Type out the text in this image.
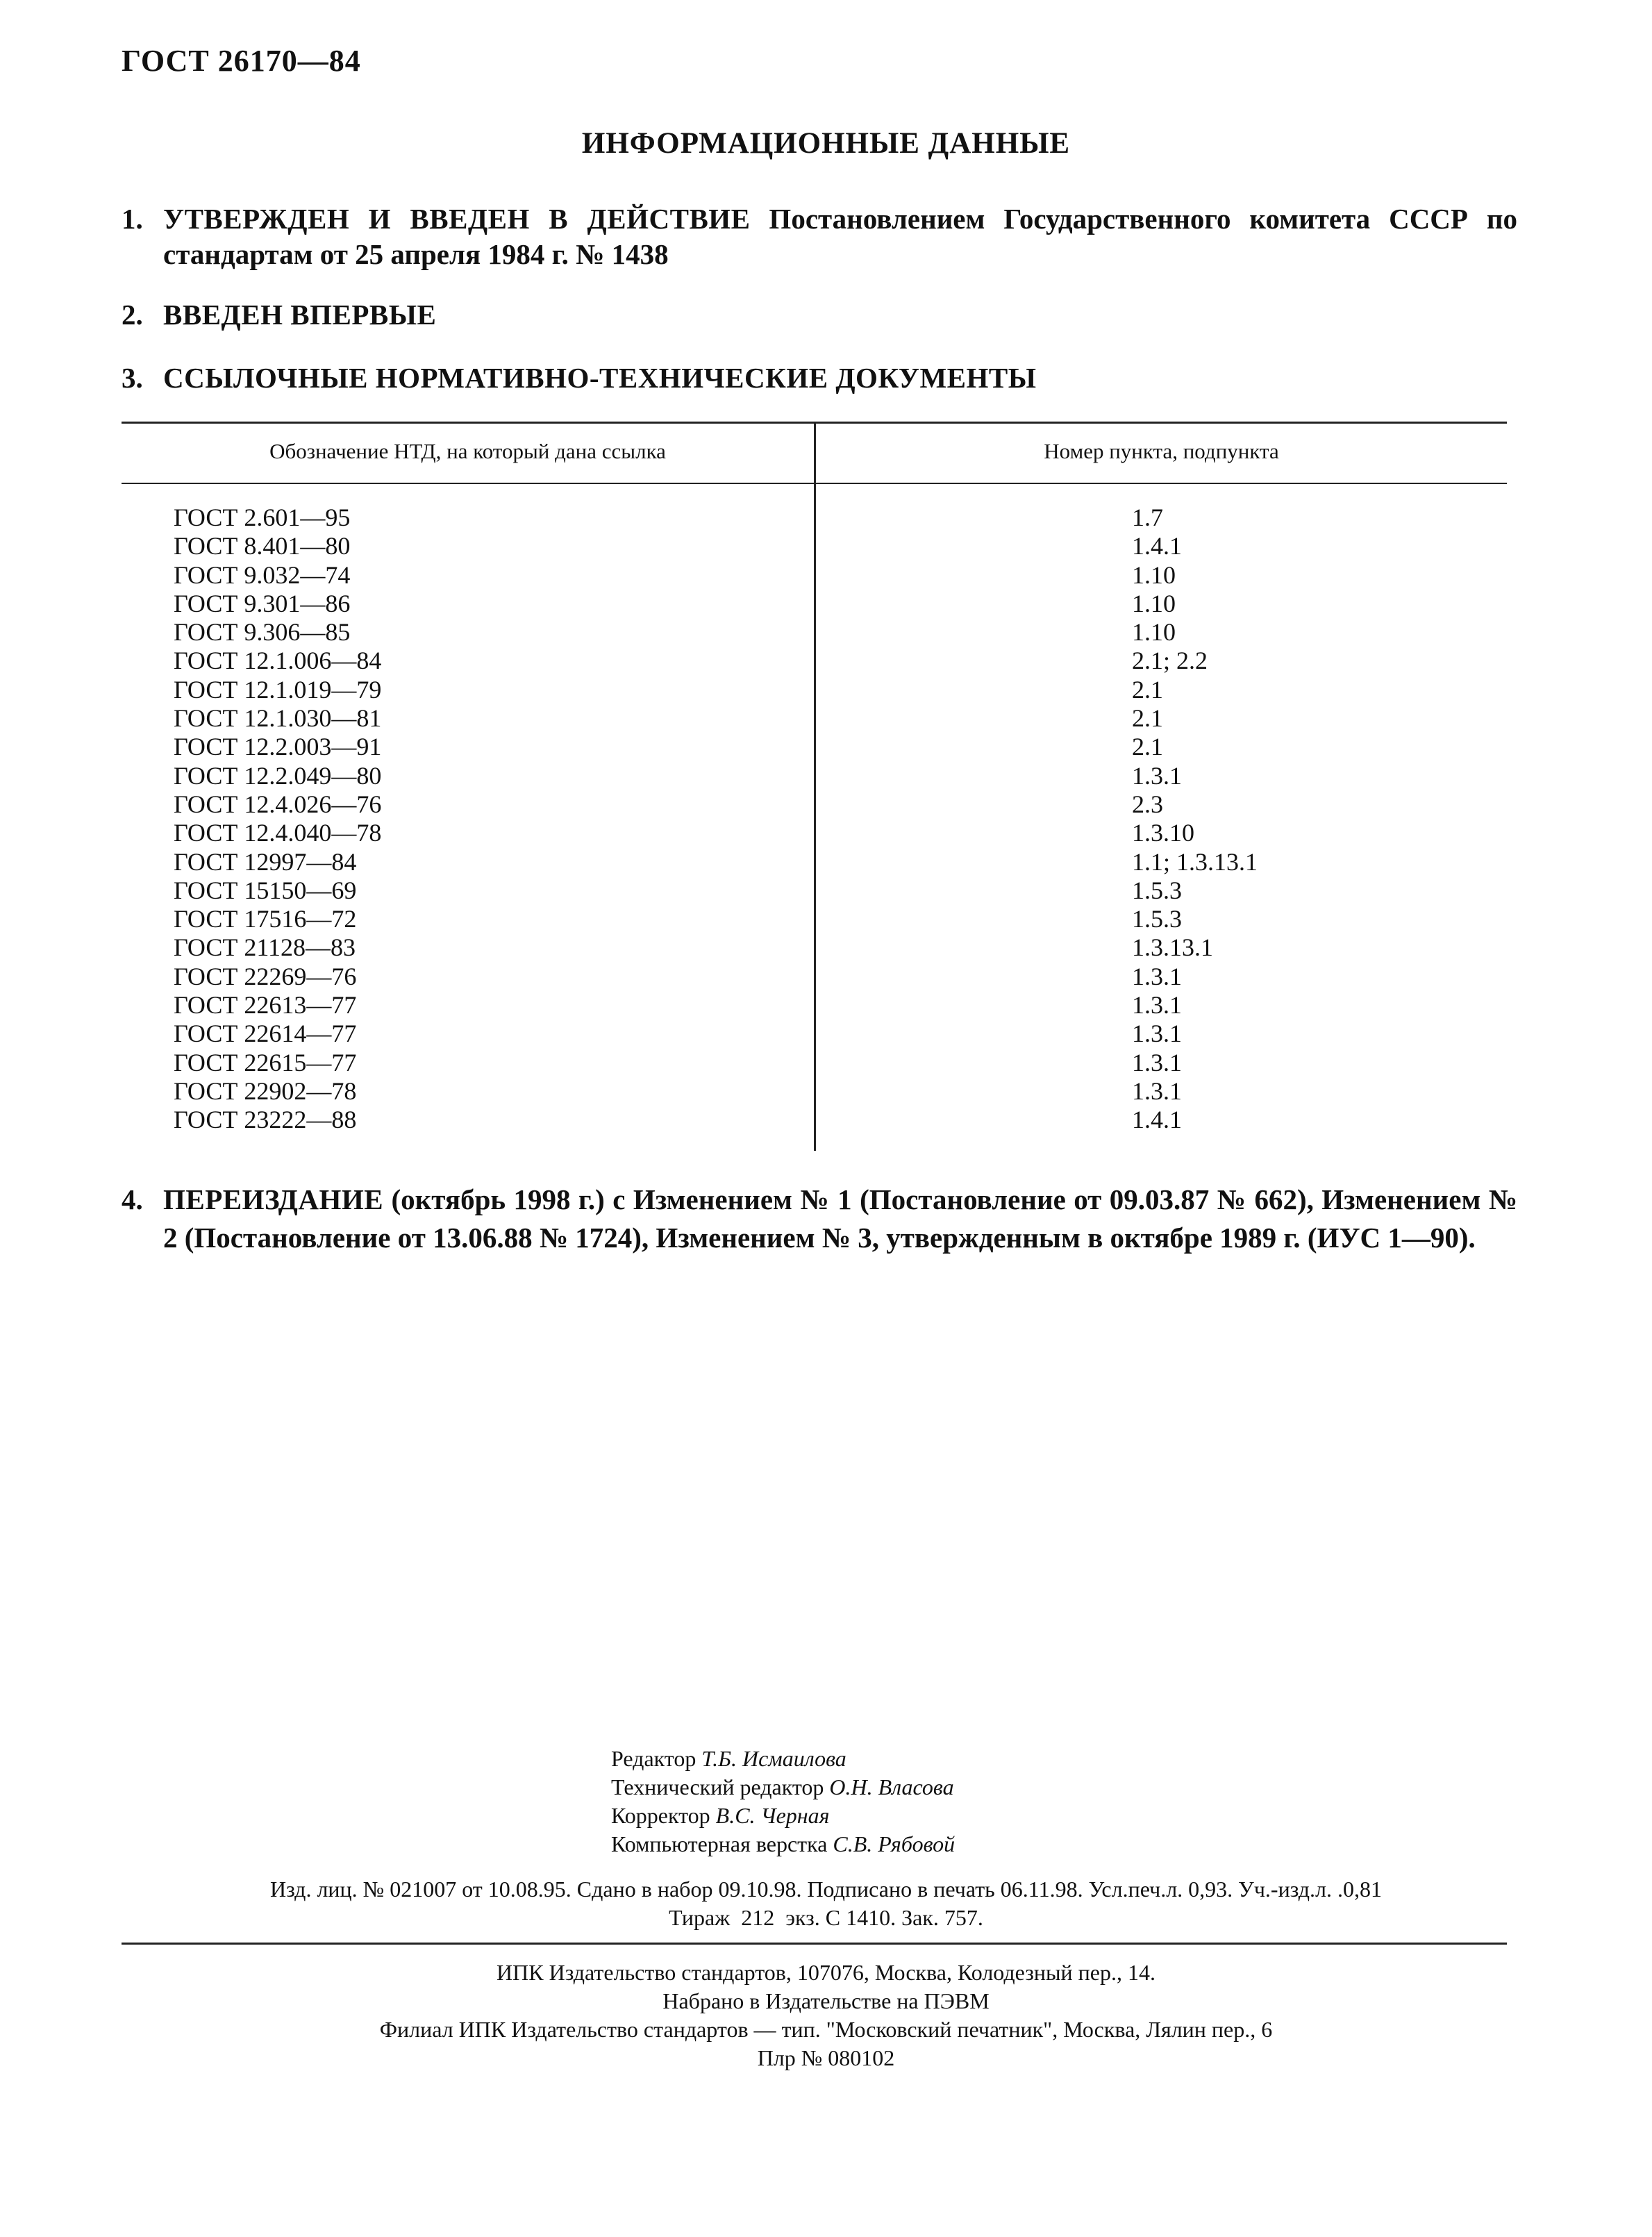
ГОСТ 26170—84
ИНФОРМАЦИОННЫЕ ДАННЫЕ
1. УТВЕРЖДЕН И ВВЕДЕН В ДЕЙСТВИЕ Постановлением Государственного комитета СССР по стандартам от 25 апреля 1984 г. № 1438
2. ВВЕДЕН ВПЕРВЫЕ
3. ССЫЛОЧНЫЕ НОРМАТИВНО-ТЕХНИЧЕСКИЕ ДОКУМЕНТЫ
Обозначение НТД, на который дана ссылка	Номер пункта, подпункта
ГОСТ 2.601—95
ГОСТ 8.401—80
ГОСТ 9.032—74
ГОСТ 9.301—86
ГОСТ 9.306—85
ГОСТ 12.1.006—84
ГОСТ 12.1.019—79
ГОСТ 12.1.030—81
ГОСТ 12.2.003—91
ГОСТ 12.2.049—80
ГОСТ 12.4.026—76
ГОСТ 12.4.040—78
ГОСТ 12997—84
ГОСТ 15150—69
ГОСТ 17516—72
ГОСТ 21128—83
ГОСТ 22269—76
ГОСТ 22613—77
ГОСТ 22614—77
ГОСТ 22615—77
ГОСТ 22902—78
ГОСТ 23222—88
1.7
1.4.1
1.10
1.10
1.10
2.1; 2.2
2.1
2.1
2.1
1.3.1
2.3
1.3.10
1.1; 1.3.13.1
1.5.3
1.5.3
1.3.13.1
1.3.1
1.3.1
1.3.1
1.3.1
1.3.1
1.4.1
4. ПЕРЕИЗДАНИЕ (октябрь 1998 г.) с Изменением № 1 (Постановление от 09.03.87 № 662), Изменением № 2 (Постановление от 13.06.88 № 1724), Изменением № 3, утвержденным в октябре 1989 г. (ИУС 1—90).
Редактор Т.Б. Исмаилова
Технический редактор О.Н. Власова
Корректор В.С. Черная
Компьютерная верстка С.В. Рябовой
Изд. лиц. № 021007 от 10.08.95. Сдано в набор 09.10.98. Подписано в печать 06.11.98. Усл.печ.л. 0,93. Уч.-изд.л. .0,81
Тираж  212  экз. С 1410. Зак. 757.
ИПК Издательство стандартов, 107076, Москва, Колодезный пер., 14.
Набрано в Издательстве на ПЭВМ
Филиал ИПК Издательство стандартов — тип. "Московский печатник", Москва, Лялин пер., 6
Плр № 080102
